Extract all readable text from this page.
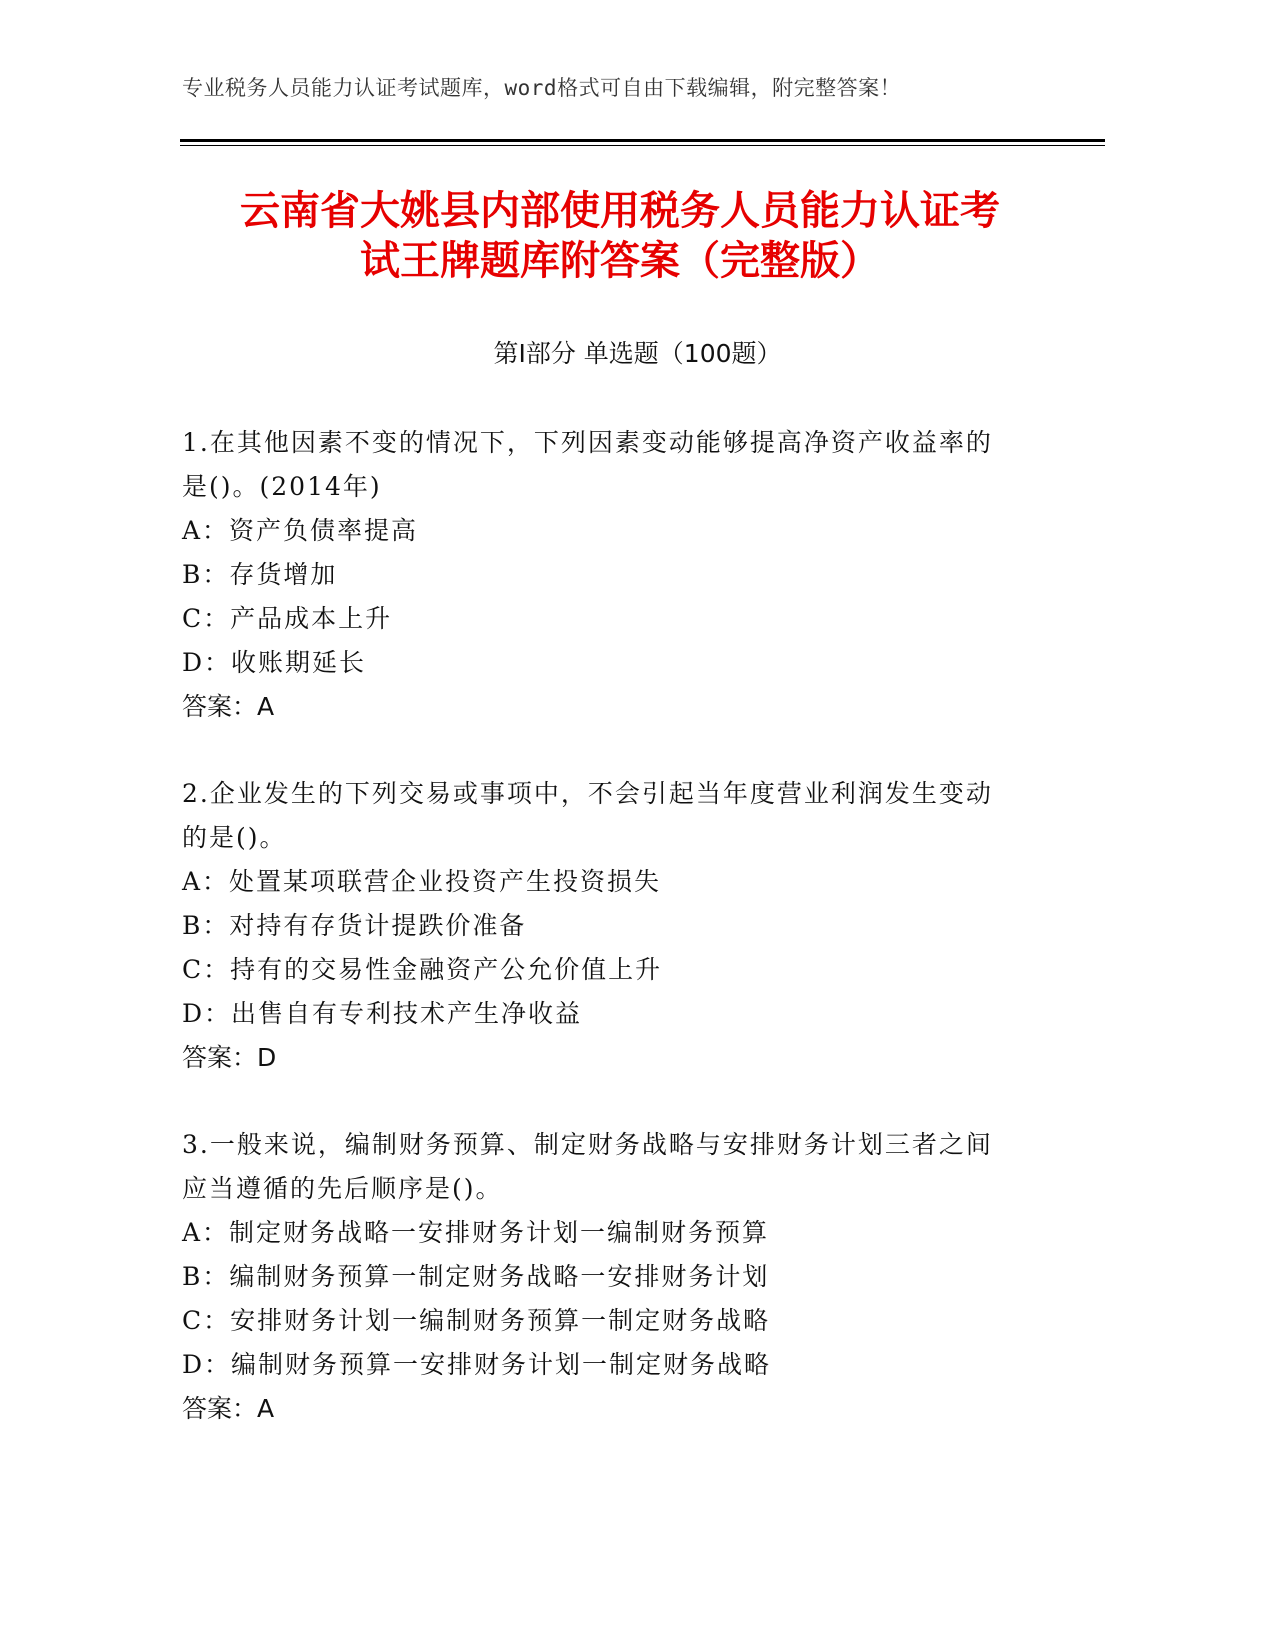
专业税务人员能力认证考试题库，word格式可自由下载编辑，附完整答案！
云南省大姚县内部使用税务人员能力认证考
试王牌题库附答案（完整版）
第Ⅰ部分 单选题（100题）
1.在其他因素不变的情况下，下列因素变动能够提高净资产收益率的是()。(2014年)
A：资产负债率提高
B：存货增加
C：产品成本上升
D：收账期延长
答案：A
2.企业发生的下列交易或事项中，不会引起当年度营业利润发生变动的是()。
A：处置某项联营企业投资产生投资损失
B：对持有存货计提跌价准备
C：持有的交易性金融资产公允价值上升
D：出售自有专利技术产生净收益
答案：D
3.一般来说，编制财务预算、制定财务战略与安排财务计划三者之间应当遵循的先后顺序是()。
A：制定财务战略一安排财务计划一编制财务预算
B：编制财务预算一制定财务战略一安排财务计划
C：安排财务计划一编制财务预算一制定财务战略
D：编制财务预算一安排财务计划一制定财务战略
答案：A
